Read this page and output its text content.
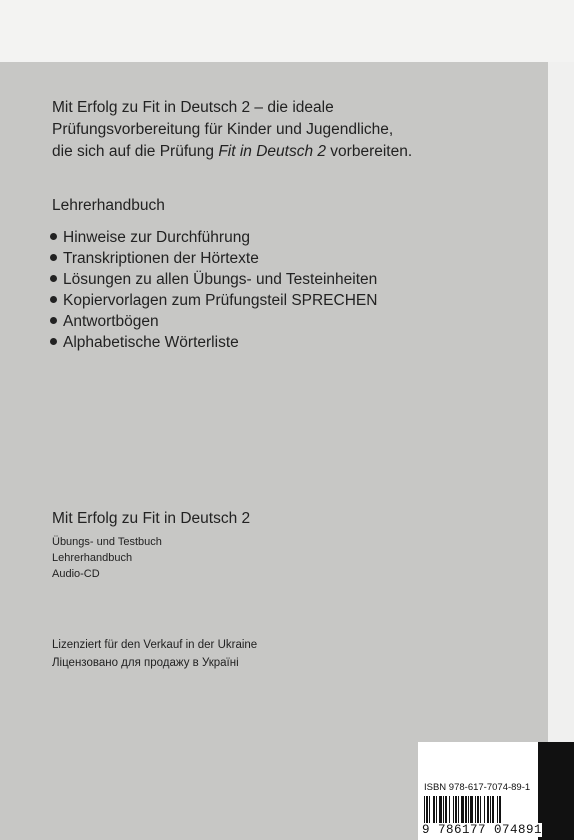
Mit Erfolg zu Fit in Deutsch 2 – die ideale
Prüfungsvorbereitung für Kinder und Jugendliche,
die sich auf die Prüfung Fit in Deutsch 2 vorbereiten.
Lehrerhandbuch
Hinweise zur Durchführung
Transkriptionen der Hörtexte
Lösungen zu allen Übungs- und Testeinheiten
Kopiervorlagen zum Prüfungsteil SPRECHEN
Antwortbögen
Alphabetische Wörterliste
Mit Erfolg zu Fit in Deutsch 2
Übungs- und Testbuch
Lehrerhandbuch
Audio-CD
Lizenziert für den Verkauf in der Ukraine
Ліцензовано для продажу в Україні
ISBN 978-617-7074-89-1
9 786177 074891
